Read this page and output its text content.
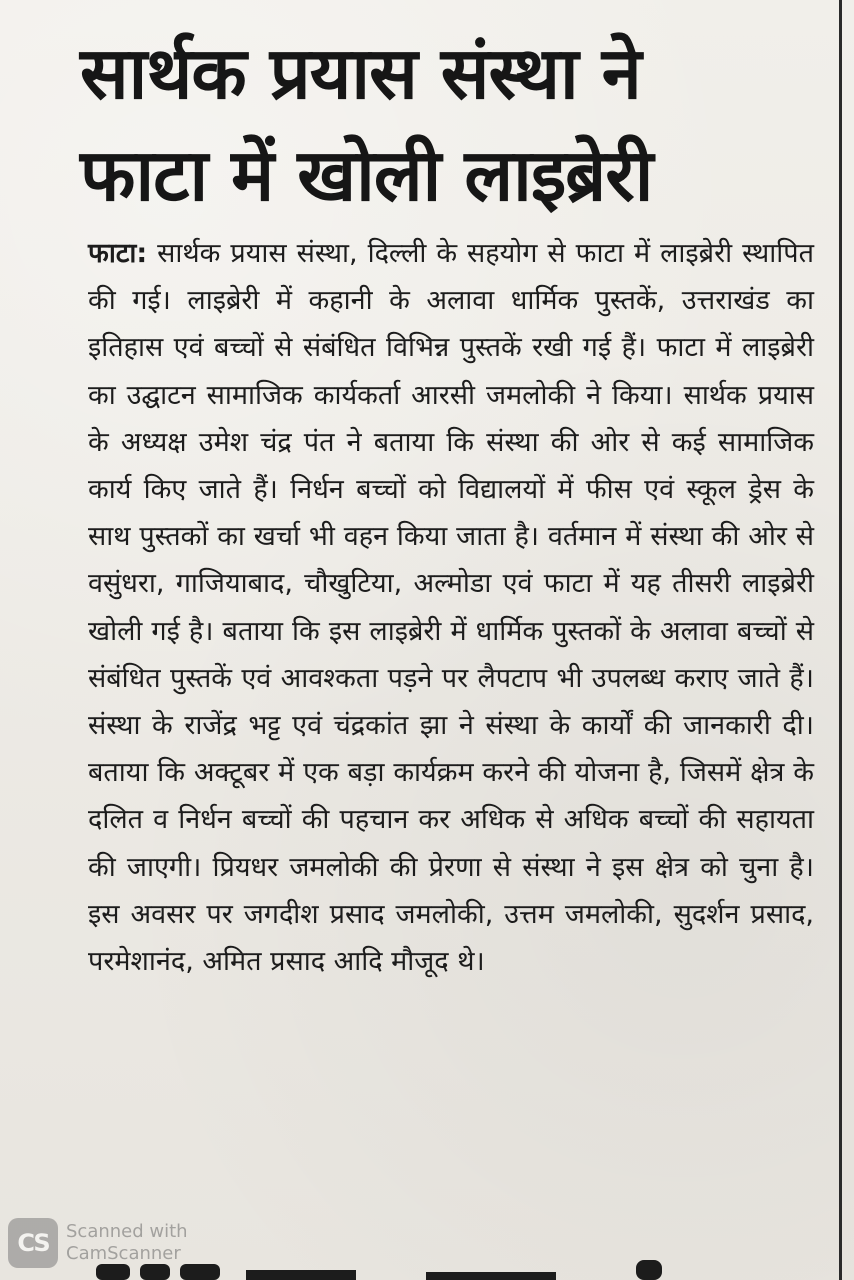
सार्थक प्रयास संस्था ने
फाटा में खोली लाइब्रेरी

फाटा: सार्थक प्रयास संस्था, दिल्ली के सहयोग से फाटा में लाइब्रेरी स्थापित की गई। लाइब्रेरी में कहानी के अलावा धार्मिक पुस्तकें, उत्तराखंड का इतिहास एवं बच्चों से संबंधित विभिन्न पुस्तकें रखी गई हैं। फाटा में लाइब्रेरी का उद्घाटन सामाजिक कार्यकर्ता आरसी जमलोकी ने किया। सार्थक प्रयास के अध्यक्ष उमेश चंद्र पंत ने बताया कि संस्था की ओर से कई सामाजिक कार्य किए जाते हैं। निर्धन बच्चों को विद्यालयों में फीस एवं स्कूल ड्रेस के साथ पुस्तकों का खर्चा भी वहन किया जाता है। वर्तमान में संस्था की ओर से वसुंधरा, गाजियाबाद, चौखुटिया, अल्मोडा एवं फाटा में यह तीसरी लाइब्रेरी खोली गई है। बताया कि इस लाइब्रेरी में धार्मिक पुस्तकों के अलावा बच्चों से संबंधित पुस्तकें एवं आवश्कता पड़ने पर लैपटाप भी उपलब्ध कराए जाते हैं। संस्था के राजेंद्र भट्ट एवं चंद्रकांत झा ने संस्था के कार्यों की जानकारी दी। बताया कि अक्टूबर में एक बड़ा कार्यक्रम करने की योजना है, जिसमें क्षेत्र के दलित व निर्धन बच्चों की पहचान कर अधिक से अधिक बच्चों की सहायता की जाएगी। प्रियधर जमलोकी की प्रेरणा से संस्था ने इस क्षेत्र को चुना है। इस अवसर पर जगदीश प्रसाद जमलोकी, उत्तम जमलोकी, सुदर्शन प्रसाद, परमेशानंद, अमित प्रसाद आदि मौजूद थे।

CS Scanned with
CamScanner
